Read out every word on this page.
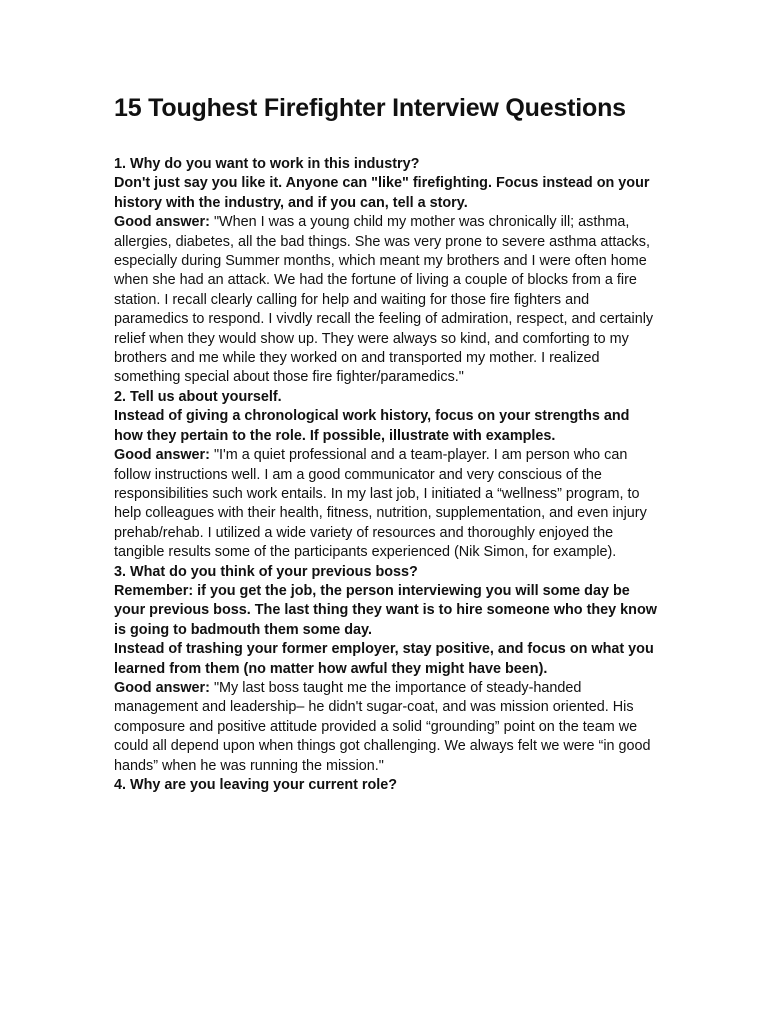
15 Toughest Firefighter Interview Questions

1. Why do you want to work in this industry?

Don't just say you like it. Anyone can "like" firefighting. Focus instead on your history with the industry, and if you can, tell a story.

Good answer: "When I was a young child my mother was chronically ill; asthma, allergies, diabetes, all the bad things. She was very prone to severe asthma attacks, especially during Summer months, which meant my brothers and I were often home when she had an attack. We had the fortune of living a couple of blocks from a fire station. I recall clearly calling for help and waiting for those fire fighters and paramedics to respond. I vivdly recall the feeling of admiration, respect, and certainly relief when they would show up. They were always so kind, and comforting to my brothers and me while they worked on and transported my mother. I realized something special about those fire fighter/paramedics."

2. Tell us about yourself.

Instead of giving a chronological work history, focus on your strengths and how they pertain to the role. If possible, illustrate with examples.

Good answer: "I'm a quiet professional and a team-player. I am person who can follow instructions well. I am a good communicator and very conscious of the responsibilities such work entails. In my last job, I initiated a “wellness” program, to help colleagues with their health, fitness, nutrition, supplementation, and even injury prehab/rehab. I utilized a wide variety of resources and thoroughly enjoyed the tangible results some of the participants experienced (Nik Simon, for example).

3. What do you think of your previous boss?

Remember: if you get the job, the person interviewing you will some day be your previous boss. The last thing they want is to hire someone who they know is going to badmouth them some day.

Instead of trashing your former employer, stay positive, and focus on what you learned from them (no matter how awful they might have been).

Good answer: "My last boss taught me the importance of steady-handed management and leadership– he didn't sugar-coat, and was mission oriented. His composure and positive attitude provided a solid “grounding” point on the team we could all depend upon when things got challenging. We always felt we were “in good hands” when he was running the mission."

4. Why are you leaving your current role?
